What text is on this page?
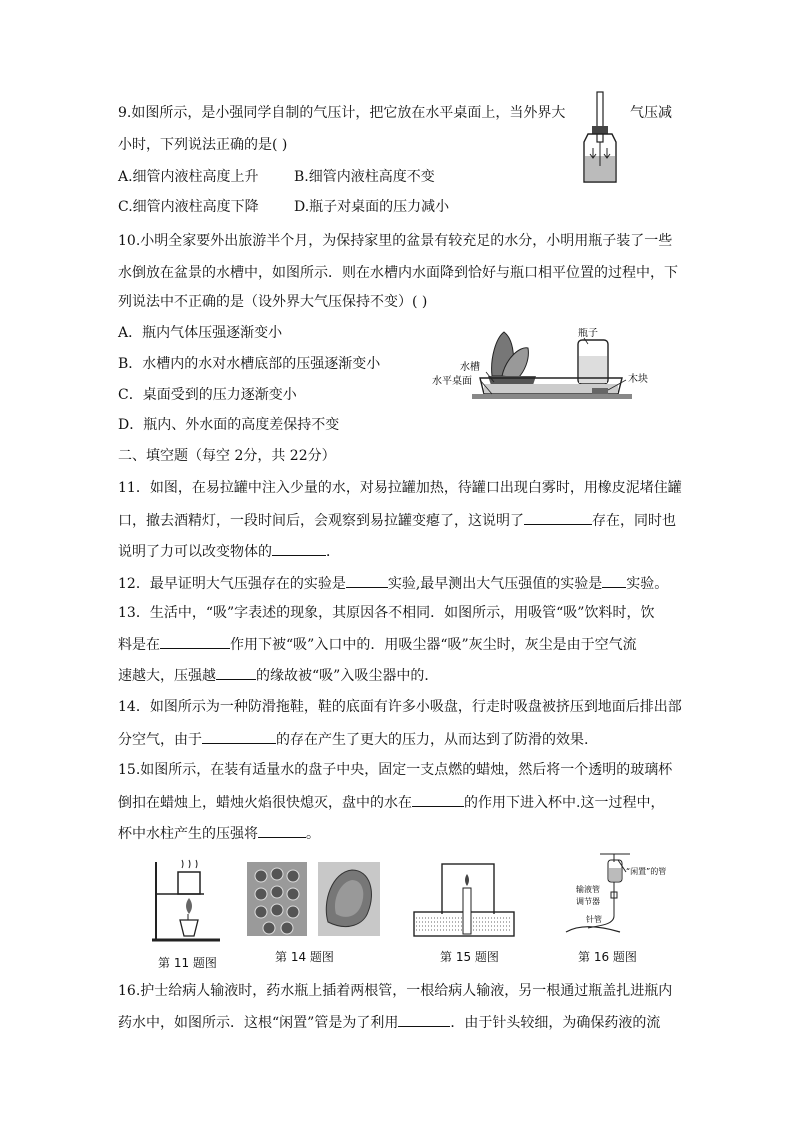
9.如图所示，是小强同学自制的气压计，把它放在水平桌面上，当外界大	气压减
小时，下列说法正确的是( )
A.细管内液柱高度上升	B.细管内液柱高度不变
C.细管内液柱高度下降	D.瓶子对桌面的压力减小
10.小明全家要外出旅游半个月，为保持家里的盆景有较充足的水分，小明用瓶子装了一些
水倒放在盆景的水槽中，如图所示．则在水槽内水面降到恰好与瓶口相平位置的过程中，下
列说法中不正确的是（设外界大气压保持不变）( )
A．瓶内气体压强逐渐变小
B．水槽内的水对水槽底部的压强逐渐变小
C．桌面受到的压力逐渐变小
D．瓶内、外水面的高度差保持不变
瓶子
水槽
水平桌面	木块
二、填空题（每空 2分，共 22分）
11．如图，在易拉罐中注入少量的水，对易拉罐加热，待罐口出现白雾时，用橡皮泥堵住罐
口，撤去酒精灯，一段时间后，会观察到易拉罐变瘪了，这说明了	存在，同时也
说明了力可以改变物体的	．
12．最早证明大气压强存在的实验是	实验,最早测出大气压强值的实验是 实验。
13．生活中，“吸”字表述的现象，其原因各不相同．如图所示，用吸管“吸”饮料时，饮
料是在	作用下被“吸”入口中的．用吸尘器“吸”灰尘时，灰尘是由于空气流
速越大，压强越	的缘故被“吸”入吸尘器中的．
14．如图所示为一种防滑拖鞋，鞋的底面有许多小吸盘，行走时吸盘被挤压到地面后排出部
分空气，由于	的存在产生了更大的压力，从而达到了防滑的效果.
15.如图所示，在装有适量水的盘子中央，固定一支点燃的蜡烛，然后将一个透明的玻璃杯
倒扣在蜡烛上，蜡烛火焰很快熄灭，盘中的水在	的作用下进入杯中.这一过程中，
杯中水柱产生的压强将	。
第 11 题图	第 14 题图	第 15 题图
“闲置”的管
输液管
调节器
针管
第 16 题图
16.护士给病人输液时，药水瓶上插着两根管，一根给病人输液，另一根通过瓶盖扎进瓶内
药水中，如图所示．这根“闲置”管是为了利用	．由于针头较细，为确保药液的流
